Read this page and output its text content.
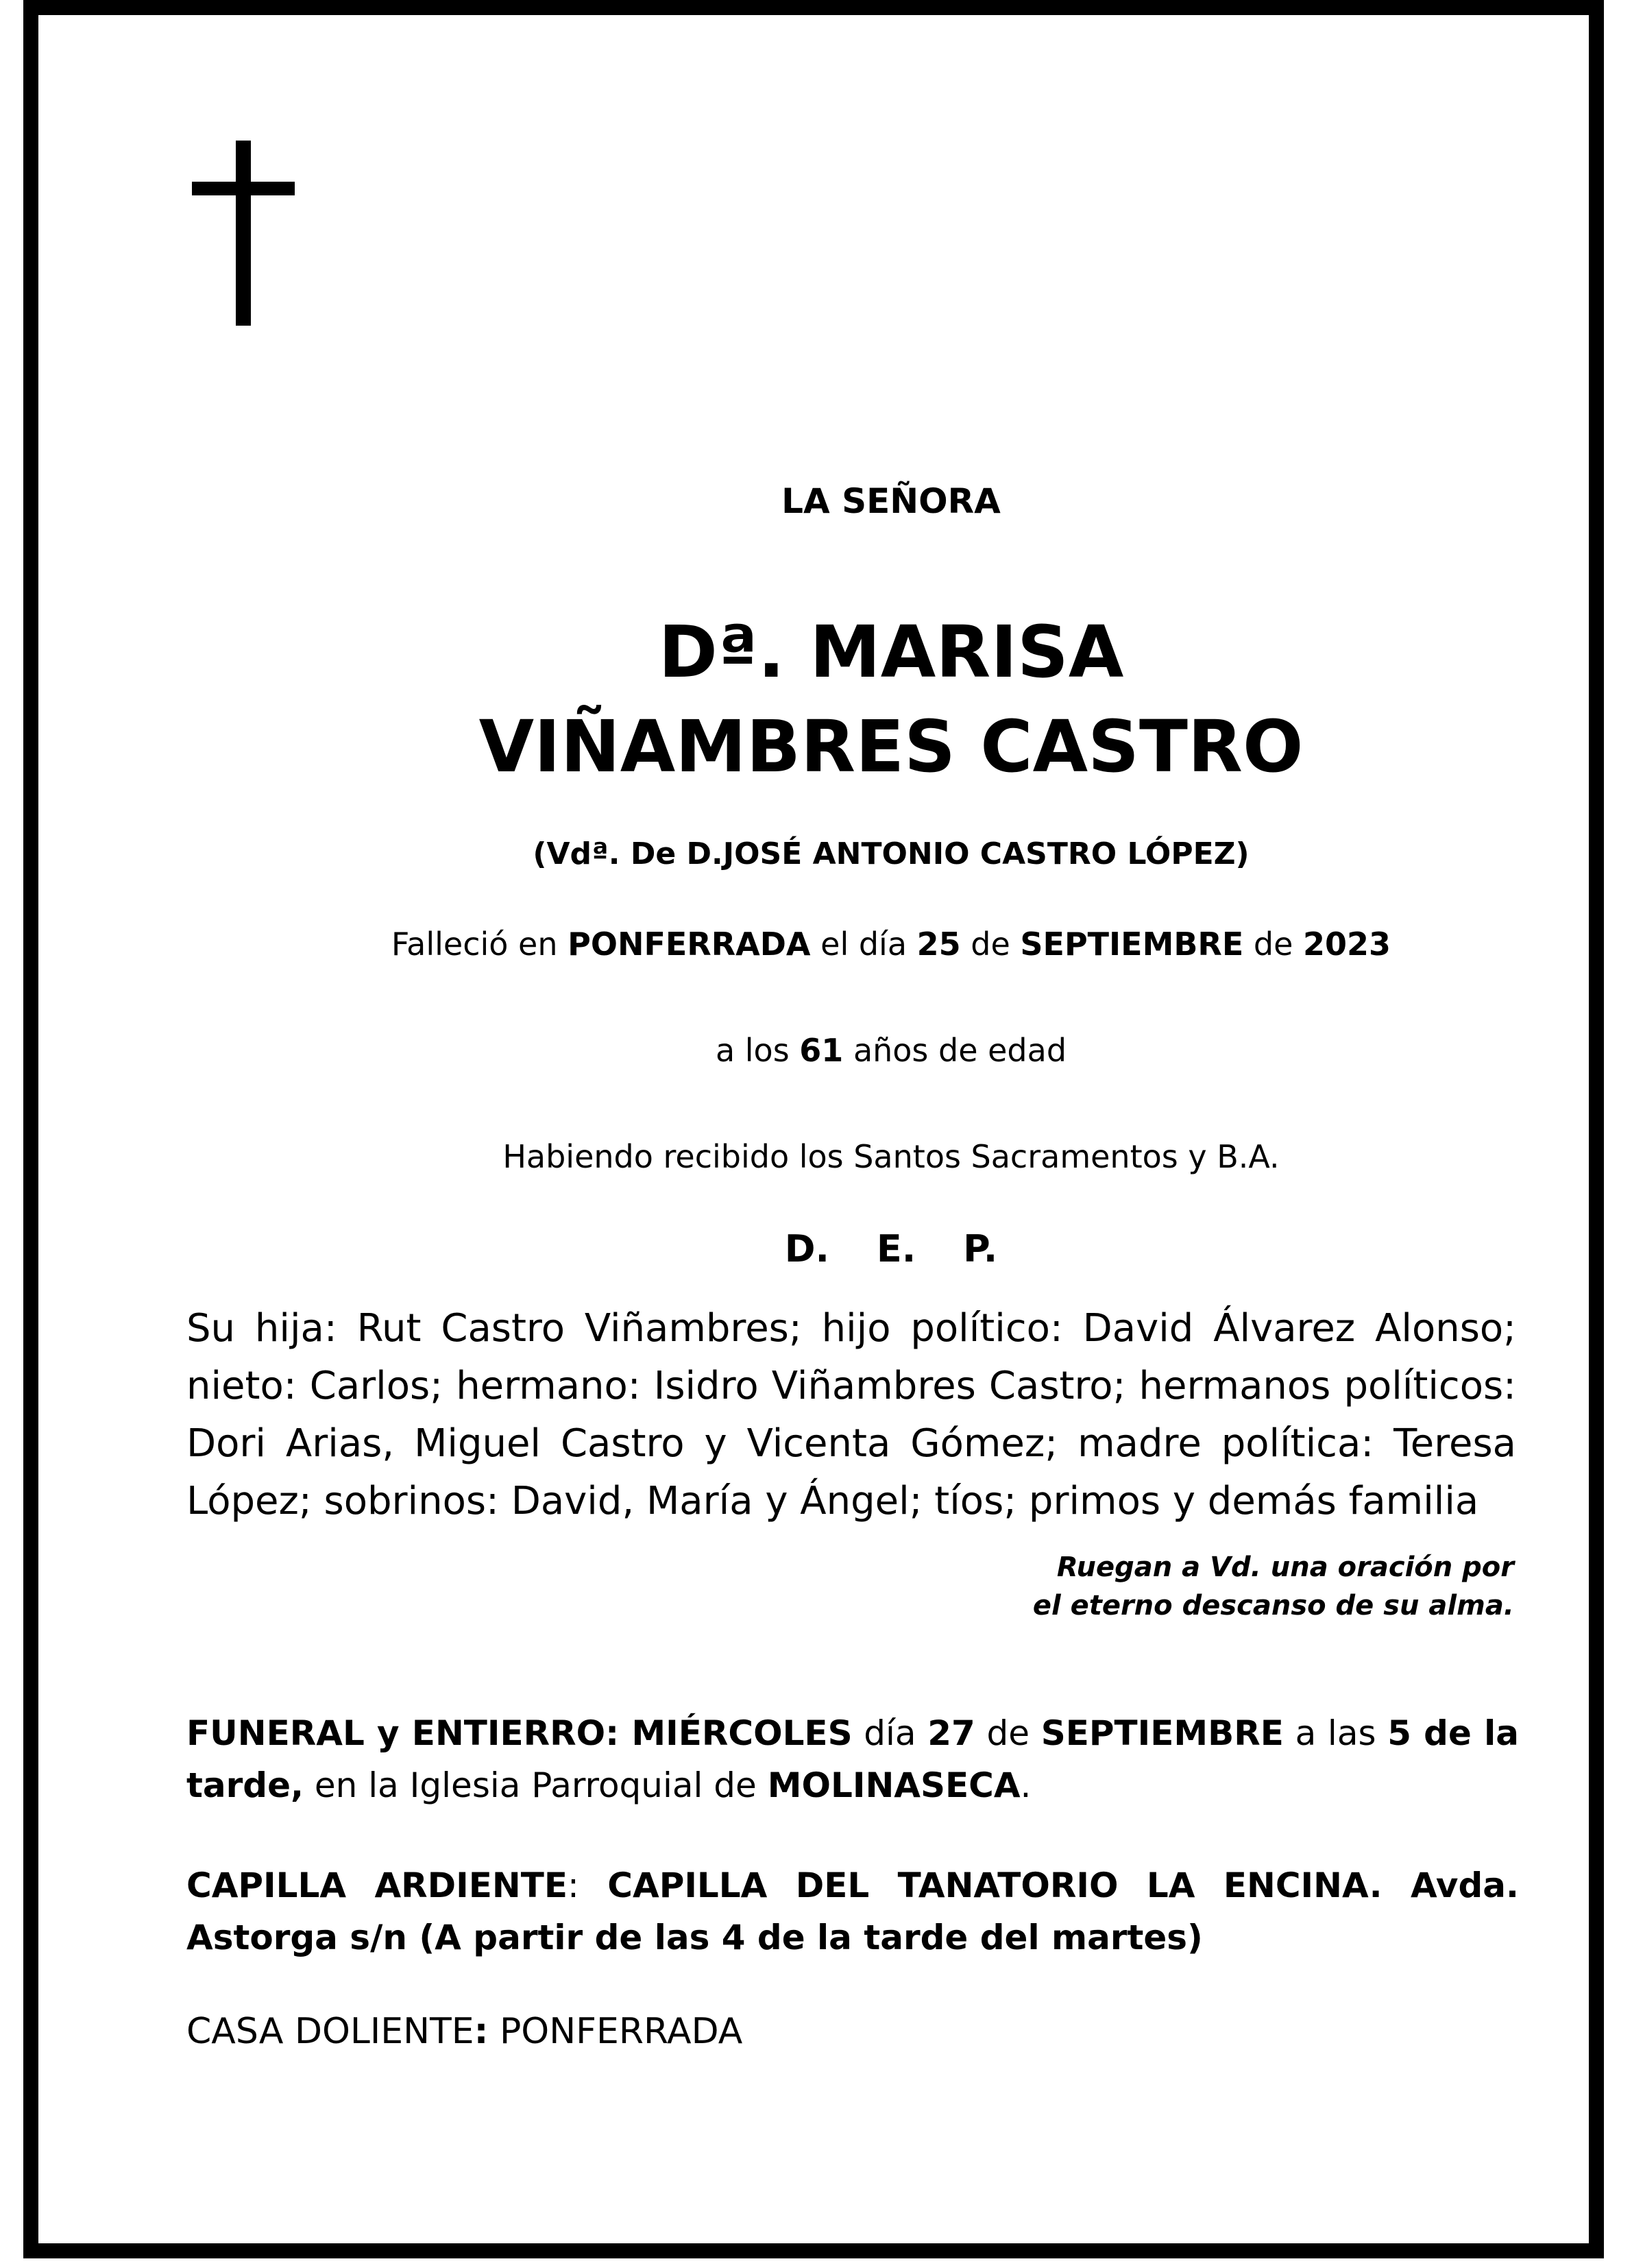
LA SEÑORA
Dª. MARISA
VIÑAMBRES CASTRO
(Vdª. De D.JOSÉ ANTONIO CASTRO LÓPEZ)
Falleció en PONFERRADA el día 25 de SEPTIEMBRE de 2023
a los 61 años de edad
Habiendo recibido los Santos Sacramentos y B.A.
D. E. P.
Su hija: Rut Castro Viñambres; hijo político: David Álvarez Alonso; nieto: Carlos; hermano: Isidro Viñambres Castro; hermanos políticos: Dori Arias, Miguel Castro y Vicenta Gómez; madre política: Teresa López; sobrinos: David, María y Ángel; tíos; primos y demás familia
Ruegan a Vd. una oración por
el eterno descanso de su alma.
FUNERAL y ENTIERRO: MIÉRCOLES día 27 de SEPTIEMBRE a las 5 de la tarde, en la Iglesia Parroquial de MOLINASECA.
CAPILLA ARDIENTE: CAPILLA DEL TANATORIO LA ENCINA. Avda. Astorga s/n (A partir de las 4 de la tarde del martes)
CASA DOLIENTE: PONFERRADA
